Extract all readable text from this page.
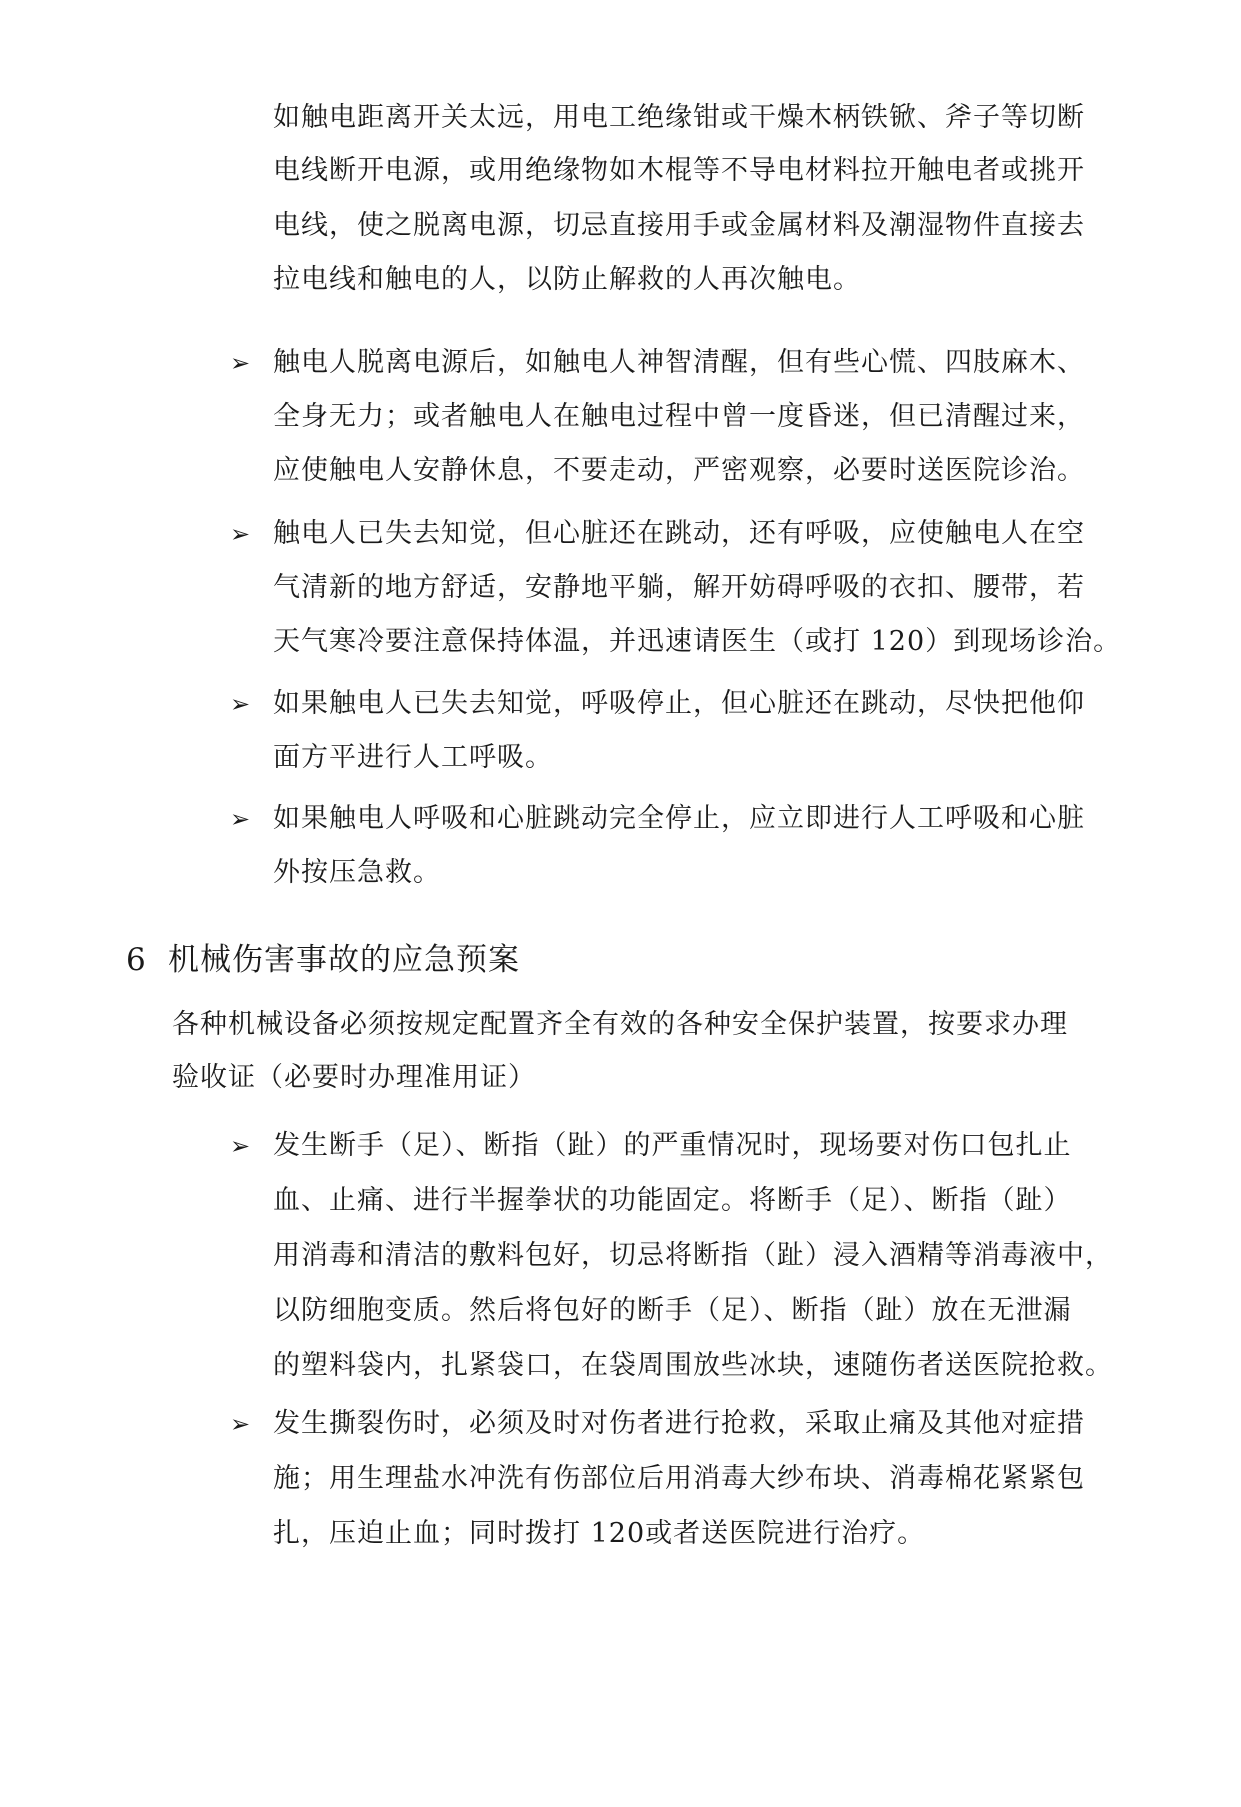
如触电距离开关太远，用电工绝缘钳或干燥木柄铁锨、斧子等切断
电线断开电源，或用绝缘物如木棍等不导电材料拉开触电者或挑开
电线，使之脱离电源，切忌直接用手或金属材料及潮湿物件直接去
拉电线和触电的人，以防止解救的人再次触电。
➢ 触电人脱离电源后，如触电人神智清醒，但有些心慌、四肢麻木、
全身无力；或者触电人在触电过程中曾一度昏迷，但已清醒过来，
应使触电人安静休息，不要走动，严密观察，必要时送医院诊治。
➢ 触电人已失去知觉，但心脏还在跳动，还有呼吸，应使触电人在空
气清新的地方舒适，安静地平躺，解开妨碍呼吸的衣扣、腰带，若
天气寒冷要注意保持体温，并迅速请医生（或打 120）到现场诊治。
➢ 如果触电人已失去知觉，呼吸停止，但心脏还在跳动，尽快把他仰
面方平进行人工呼吸。
➢ 如果触电人呼吸和心脏跳动完全停止，应立即进行人工呼吸和心脏
外按压急救。
6 机械伤害事故的应急预案
各种机械设备必须按规定配置齐全有效的各种安全保护装置，按要求办理
验收证（必要时办理准用证）
➢ 发生断手（足）、断指（趾）的严重情况时，现场要对伤口包扎止
血、止痛、进行半握拳状的功能固定。将断手（足）、断指（趾）
用消毒和清洁的敷料包好，切忌将断指（趾）浸入酒精等消毒液中，
以防细胞变质。然后将包好的断手（足）、断指（趾）放在无泄漏
的塑料袋内，扎紧袋口，在袋周围放些冰块，速随伤者送医院抢救。
➢ 发生撕裂伤时，必须及时对伤者进行抢救，采取止痛及其他对症措
施；用生理盐水冲洗有伤部位后用消毒大纱布块、消毒棉花紧紧包
扎，压迫止血；同时拨打 120或者送医院进行治疗。
